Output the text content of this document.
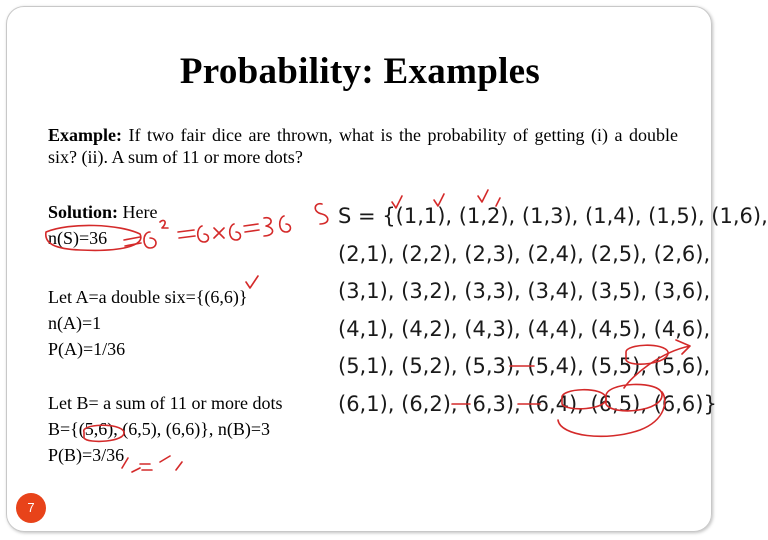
Probability: Examples
Example: If two fair dice are thrown, what is the probability of getting (i) a double six? (ii). A sum of 11 or more dots?
Solution: Here
n(S)=36
Let A=a double six={(6,6)}
n(A)=1
P(A)=1/36
Let B= a sum of 11 or more dots
B={(5,6), (6,5), (6,6)}, n(B)=3
P(B)=3/36
S = {(1,1), (1,2), (1,3), (1,4), (1,5), (1,6),
(2,1), (2,2), (2,3), (2,4), (2,5), (2,6),
(3,1), (3,2), (3,3), (3,4), (3,5), (3,6),
(4,1), (4,2), (4,3), (4,4), (4,5), (4,6),
(5,1), (5,2), (5,3), (5,4), (5,5), (5,6),
(6,1), (6,2), (6,3), (6,4), (6,5), (6,6)}
7
